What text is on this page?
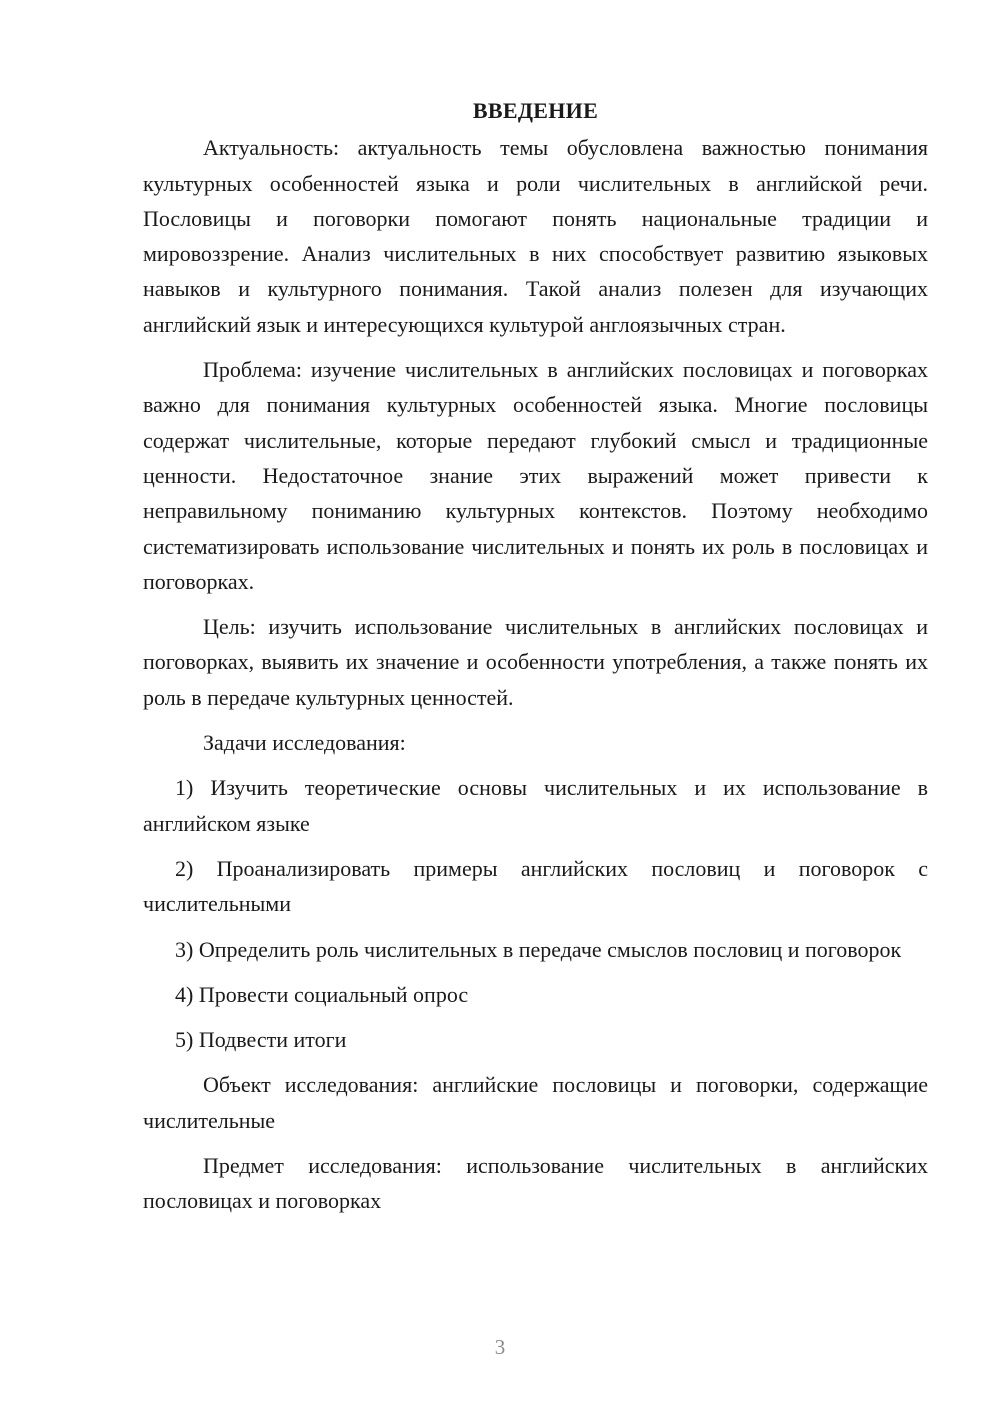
ВВЕДЕНИЕ

Актуальность: актуальность темы обусловлена важностью понимания культурных особенностей языка и роли числительных в английской речи. Пословицы и поговорки помогают понять национальные традиции и мировоззрение. Анализ числительных в них способствует развитию языковых навыков и культурного понимания. Такой анализ полезен для изучающих английский язык и интересующихся культурой англоязычных стран.

Проблема: изучение числительных в английских пословицах и поговорках важно для понимания культурных особенностей языка. Многие пословицы содержат числительные, которые передают глубокий смысл и традиционные ценности. Недостаточное знание этих выражений может привести к неправильному пониманию культурных контекстов. Поэтому необходимо систематизировать использование числительных и понять их роль в пословицах и поговорках.

Цель: изучить использование числительных в английских пословицах и поговорках, выявить их значение и особенности употребления, а также понять их роль в передаче культурных ценностей.

Задачи исследования:

1) Изучить теоретические основы числительных и их использование в английском языке

2) Проанализировать примеры английских пословиц и поговорок с числительными

3) Определить роль числительных в передаче смыслов пословиц и поговорок

4) Провести социальный опрос

5) Подвести итоги

Объект исследования: английские пословицы и поговорки, содержащие числительные

Предмет исследования: использование числительных в английских пословицах и поговорках

3
